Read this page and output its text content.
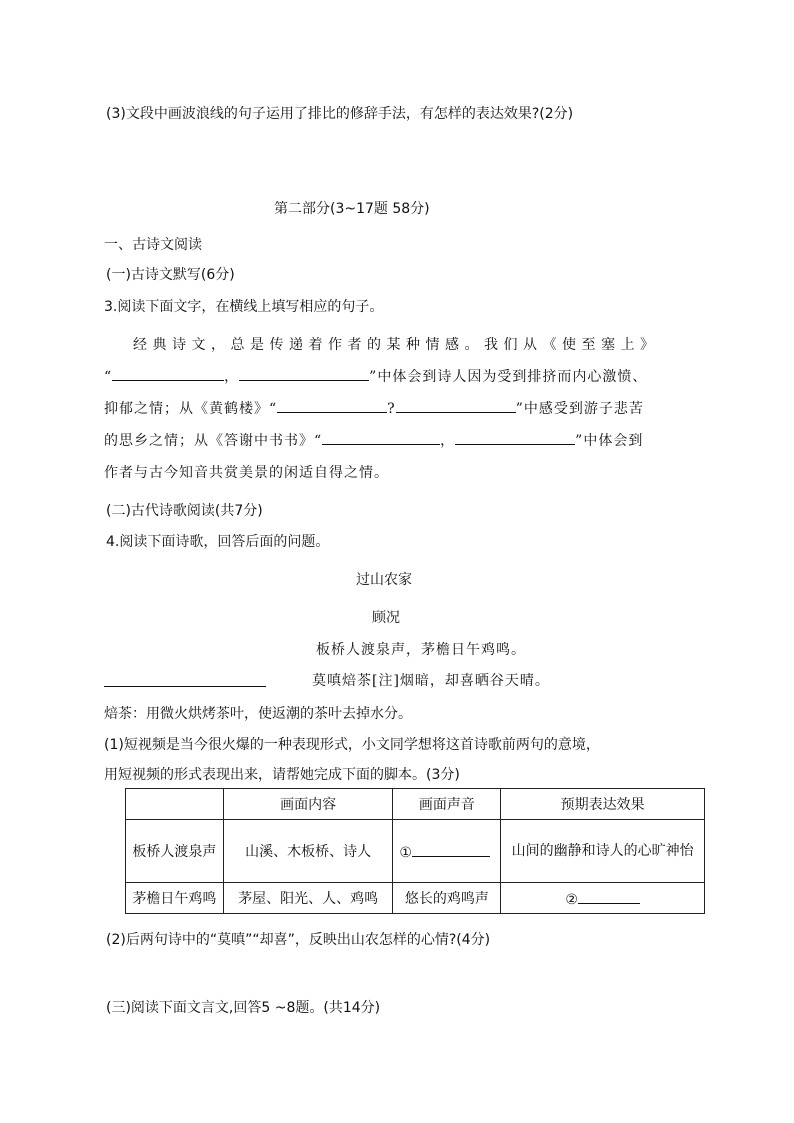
(3)文段中画波浪线的句子运用了排比的修辞手法，有怎样的表达效果?(2分)
第二部分(3~17题 58分)
一、古诗文阅读
(一)古诗文默写(6分)
3.阅读下面文字，在横线上填写相应的句子。
经典诗文，总是传递着作者的某种情感。我们从《使至塞上》
“	，	”中体会到诗人因为受到排挤而内心激愤、
抑郁之情；从《黄鹤楼》“	?	”中感受到游子悲苦
的思乡之情；从《答谢中书书》“	，	”中体会到
作者与古今知音共赏美景的闲适自得之情。
(二)古代诗歌阅读(共7分)
4.阅读下面诗歌，回答后面的问题。
过山农家
顾况
板桥人渡泉声，茅檐日午鸡鸣。
莫嗔焙茶[注]烟暗，却喜晒谷天晴。
焙茶：用微火烘烤茶叶，使返潮的茶叶去掉水分。
(1)短视频是当今很火爆的一种表现形式，小文同学想将这首诗歌前两句的意境，
用短视频的形式表现出来，请帮她完成下面的脚本。(3分)
	画面内容	画面声音	预期表达效果
板桥人渡泉声	山溪、木板桥、诗人	①	山间的幽静和诗人的心旷神怡
茅檐日午鸡鸣	茅屋、阳光、人、鸡鸣	悠长的鸡鸣声	②
(2)后两句诗中的“莫嗔”“却喜”，反映出山农怎样的心情?(4分)
(三)阅读下面文言文,回答5 ~8题。(共14分)
